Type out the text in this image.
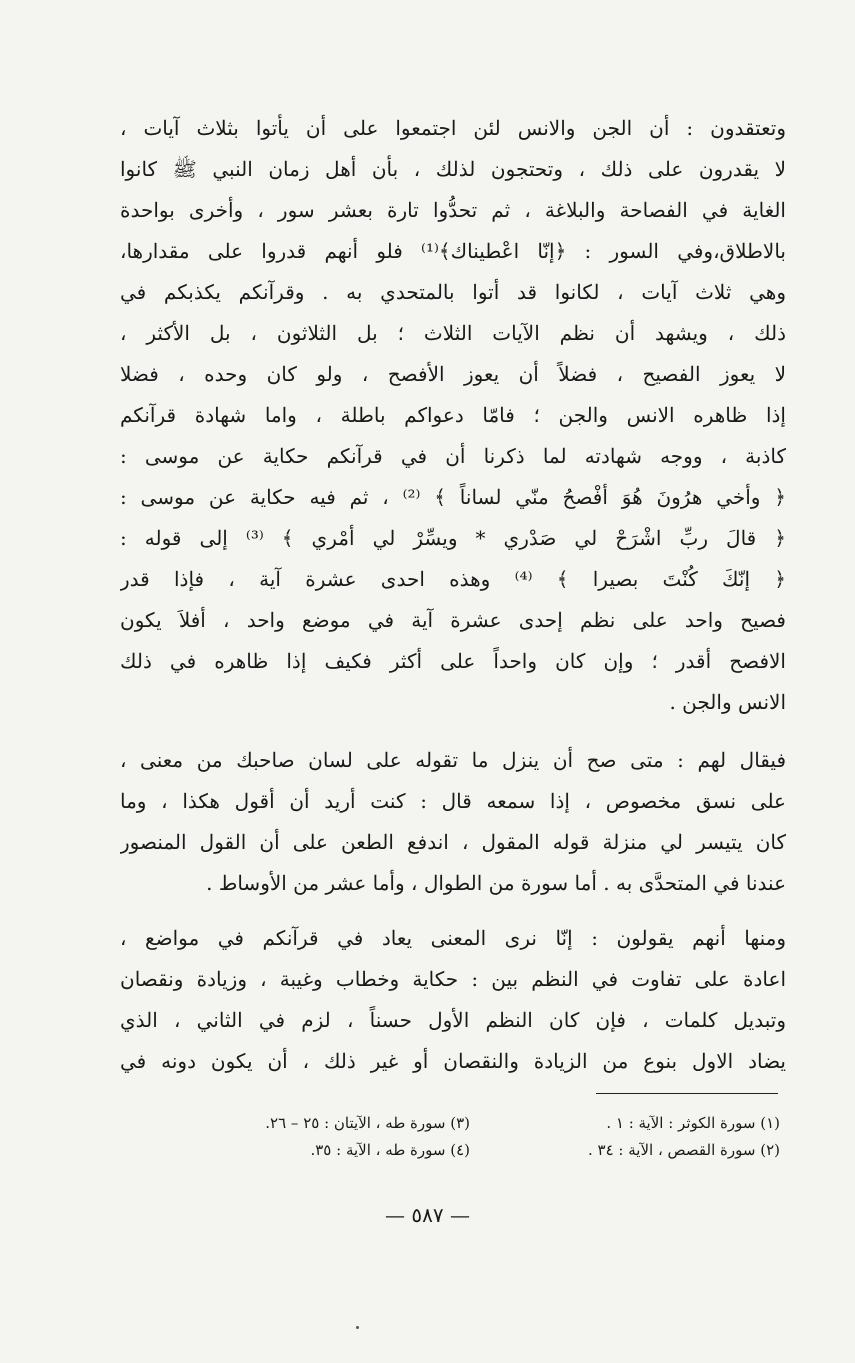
وتعتقدون : أن الجن والانس لئن اجتمعوا على أن يأتوا بثلاث آيات ،
لا يقدرون على ذلك ، وتحتجون لذلك ، بأن أهل زمان النبي ﷺ كانوا
الغاية في الفصاحة والبلاغة ، ثم تحدُّوا تارة بعشر سور ، وأخرى بواحدة
بالاطلاق،وفي السور : ﴿إنّا اعْطيناك﴾⁽¹⁾ فلو أنهم قدروا على مقدارها،
وهي ثلاث آيات ، لكانوا قد أتوا بالمتحدي به . وقرآنكم يكذبكم في
ذلك ، ويشهد أن نظم الآيات الثلاث ؛ بل الثلاثون ، بل الأكثر ،
لا يعوز الفصيح ، فضلاً أن يعوز الأفصح ، ولو كان وحده ، فضلا
إذا ظاهره الانس والجن ؛ فامّا دعواكم باطلة ، واما شهادة قرآنكم
كاذبة ، ووجه شهادته لما ذكرنا أن في قرآنكم حكاية عن موسى :
﴿ وأخي هرُونَ هُوَ أفْصحُ منّي لساناً ﴾ ⁽²⁾ ، ثم فيه حكاية عن موسى :
﴿ قالَ ربِّ اشْرَحْ لي صَدْري * ويسِّرْ لي أمْري ﴾ ⁽³⁾ إلى قوله :
﴿ إنّكَ كُنْتَ بصيرا ﴾ ⁽⁴⁾ وهذه احدى عشرة آية ، فإذا قدر
فصيح واحد على نظم إحدى عشرة آية في موضع واحد ، أفلاَ يكون
الافصح أقدر ؛ وإن كان واحداً على أكثر فكيف إذا ظاهره في ذلك
الانس والجن .
فيقال لهم : متى صح أن ينزل ما تقوله على لسان صاحبك من معنى ،
على نسق مخصوص ، إذا سمعه قال : كنت أريد أن أقول هكذا ، وما
كان يتيسر لي منزلة قوله المقول ، اندفع الطعن على أن القول المنصور
عندنا في المتحدَّى به . أما سورة من الطوال ، وأما عشر من الأوساط .
ومنها أنهم يقولون : إنّا نرى المعنى يعاد في قرآنكم في مواضع ،
اعادة على تفاوت في النظم بين : حكاية وخطاب وغيبة ، وزيادة ونقصان
وتبديل كلمات ، فإن كان النظم الأول حسناً ، لزم في الثاني ، الذي
يضاد الاول بنوع من الزيادة والنقصان أو غير ذلك ، أن يكون دونه في
(١) سورة الكوثر : الآية : ١ .
(٣) سورة طه ، الآيتان : ٢٥ – ٢٦.
(٢) سورة القصص ، الآية : ٣٤ .
(٤) سورة طه ، الآية : ٣٥.
— ٥٨٧ —
